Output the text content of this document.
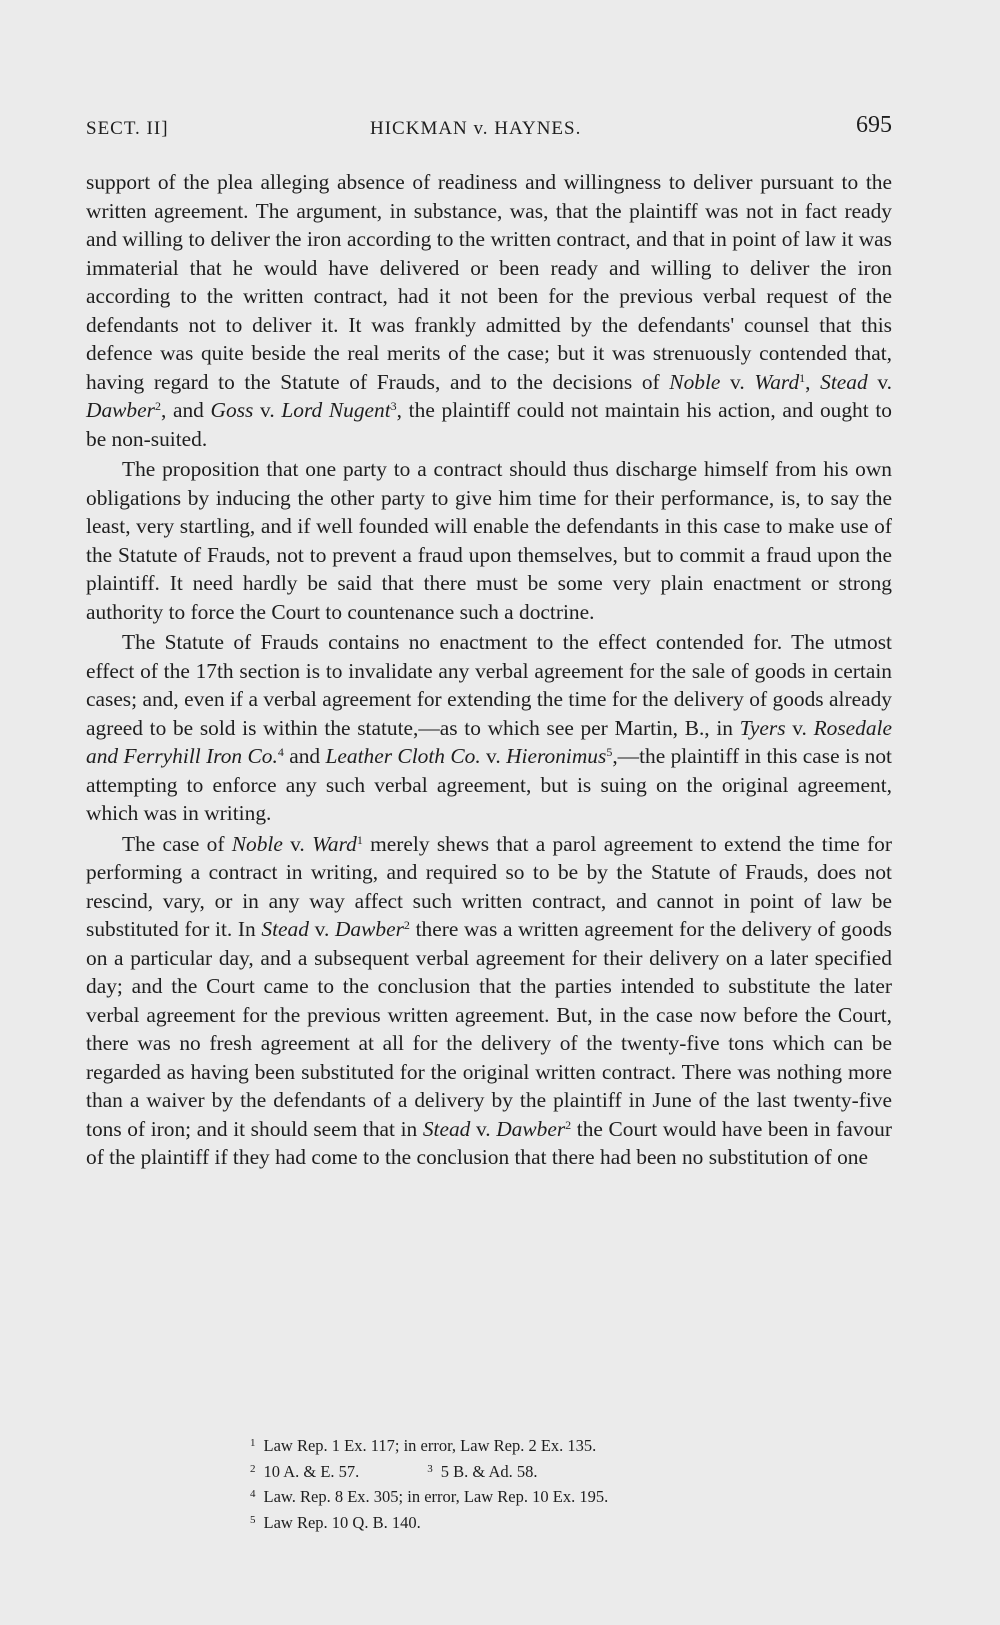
SECT. II]	HICKMAN v. HAYNES.	695

support of the plea alleging absence of readiness and willingness to deliver pursuant to the written agreement. The argument, in substance, was, that the plaintiff was not in fact ready and willing to deliver the iron according to the written contract, and that in point of law it was immaterial that he would have delivered or been ready and willing to deliver the iron according to the written contract, had it not been for the previous verbal request of the defendants not to deliver it. It was frankly admitted by the defendants' counsel that this defence was quite beside the real merits of the case; but it was strenuously contended that, having regard to the Statute of Frauds, and to the decisions of Noble v. Ward$^1$, Stead v. Dawber$^2$, and Goss v. Lord Nugent$^3$, the plaintiff could not maintain his action, and ought to be non-suited.

The proposition that one party to a contract should thus discharge himself from his own obligations by inducing the other party to give him time for their performance, is, to say the least, very startling, and if well founded will enable the defendants in this case to make use of the Statute of Frauds, not to prevent a fraud upon themselves, but to commit a fraud upon the plaintiff. It need hardly be said that there must be some very plain enactment or strong authority to force the Court to countenance such a doctrine.

The Statute of Frauds contains no enactment to the effect contended for. The utmost effect of the 17th section is to invalidate any verbal agreement for the sale of goods in certain cases; and, even if a verbal agreement for extending the time for the delivery of goods already agreed to be sold is within the statute,—as to which see per Martin, B., in Tyers v. Rosedale and Ferryhill Iron Co.$^4$ and Leather Cloth Co. v. Hieronimus$^5$,—the plaintiff in this case is not attempting to enforce any such verbal agreement, but is suing on the original agreement, which was in writing.

The case of Noble v. Ward$^1$ merely shews that a parol agreement to extend the time for performing a contract in writing, and required so to be by the Statute of Frauds, does not rescind, vary, or in any way affect such written contract, and cannot in point of law be substituted for it. In Stead v. Dawber$^2$ there was a written agreement for the delivery of goods on a particular day, and a subsequent verbal agreement for their delivery on a later specified day; and the Court came to the conclusion that the parties intended to substitute the later verbal agreement for the previous written agreement. But, in the case now before the Court, there was no fresh agreement at all for the delivery of the twenty-five tons which can be regarded as having been substituted for the original written contract. There was nothing more than a waiver by the defendants of a delivery by the plaintiff in June of the last twenty-five tons of iron; and it should seem that in Stead v. Dawber$^2$ the Court would have been in favour of the plaintiff if they had come to the conclusion that there had been no substitution of one

$^1$ Law Rep. 1 Ex. 117; in error, Law Rep. 2 Ex. 135.
$^2$ 10 A. & E. 57.	$^3$ 5 B. & Ad. 58.
$^4$ Law. Rep. 8 Ex. 305; in error, Law Rep. 10 Ex. 195.
$^5$ Law Rep. 10 Q. B. 140.
